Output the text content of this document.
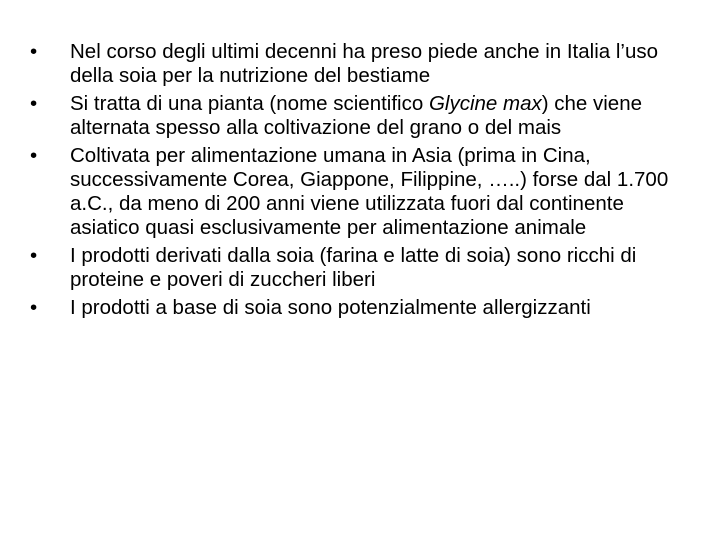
•	Nel corso degli ultimi decenni ha preso piede anche in Italia l’uso della soia per la nutrizione del bestiame
•	Si tratta di una pianta (nome scientifico Glycine max) che viene alternata spesso alla coltivazione del grano o del mais
•	Coltivata per alimentazione umana in Asia (prima in Cina, successivamente Corea, Giappone, Filippine, …..) forse dal 1.700 a.C., da meno di 200 anni viene utilizzata fuori dal continente asiatico quasi esclusivamente per alimentazione animale
•	I prodotti derivati dalla soia (farina e latte di soia) sono ricchi di proteine e poveri di zuccheri liberi
•	I prodotti a base di soia sono potenzialmente allergizzanti
